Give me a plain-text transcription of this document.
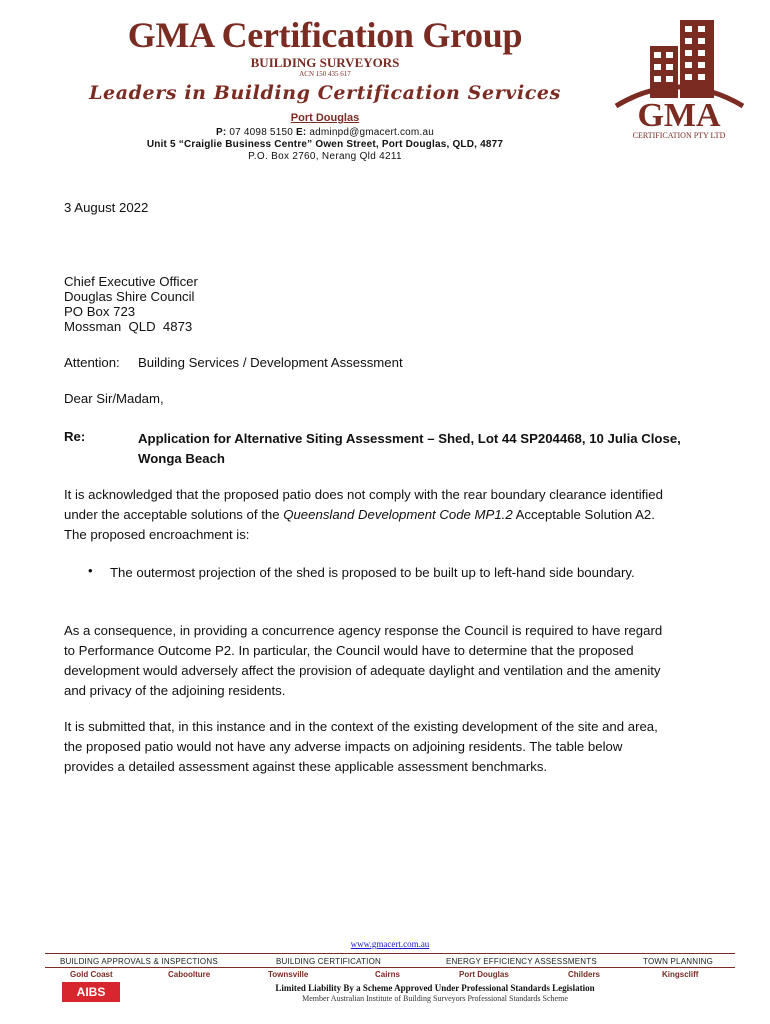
GMA Certification Group
BUILDING SURVEYORS
ACN 150 435 617
Leaders in Building Certification Services
Port Douglas
P: 07 4098 5150 E: adminpd@gmacert.com.au
Unit 5 “Craiglie Business Centre” Owen Street, Port Douglas, QLD, 4877
P.O. Box 2760, Nerang Qld 4211
GMA
CERTIFICATION PTY LTD
3 August 2022
Chief Executive Officer
Douglas Shire Council
PO Box 723
Mossman  QLD  4873
Attention: Building Services / Development Assessment
Dear Sir/Madam,
Re:	Application for Alternative Siting Assessment – Shed, Lot 44 SP204468, 10 Julia Close, Wonga Beach
It is acknowledged that the proposed patio does not comply with the rear boundary clearance identified under the acceptable solutions of the Queensland Development Code MP1.2 Acceptable Solution A2. The proposed encroachment is:
• The outermost projection of the shed is proposed to be built up to left-hand side boundary.
As a consequence, in providing a concurrence agency response the Council is required to have regard to Performance Outcome P2. In particular, the Council would have to determine that the proposed development would adversely affect the provision of adequate daylight and ventilation and the amenity and privacy of the adjoining residents.
It is submitted that, in this instance and in the context of the existing development of the site and area, the proposed patio would not have any adverse impacts on adjoining residents. The table below provides a detailed assessment against these applicable assessment benchmarks.
www.gmacert.com.au
BUILDING APPROVALS & INSPECTIONS	BUILDING CERTIFICATION	ENERGY EFFICIENCY ASSESSMENTS	TOWN PLANNING
Gold Coast	Caboolture	Townsville	Cairns	Port Douglas	Childers	Kingscliff
AIBS	Limited Liability By a Scheme Approved Under Professional Standards Legislation
Member Australian Institute of Building Surveyors Professional Standards Scheme
